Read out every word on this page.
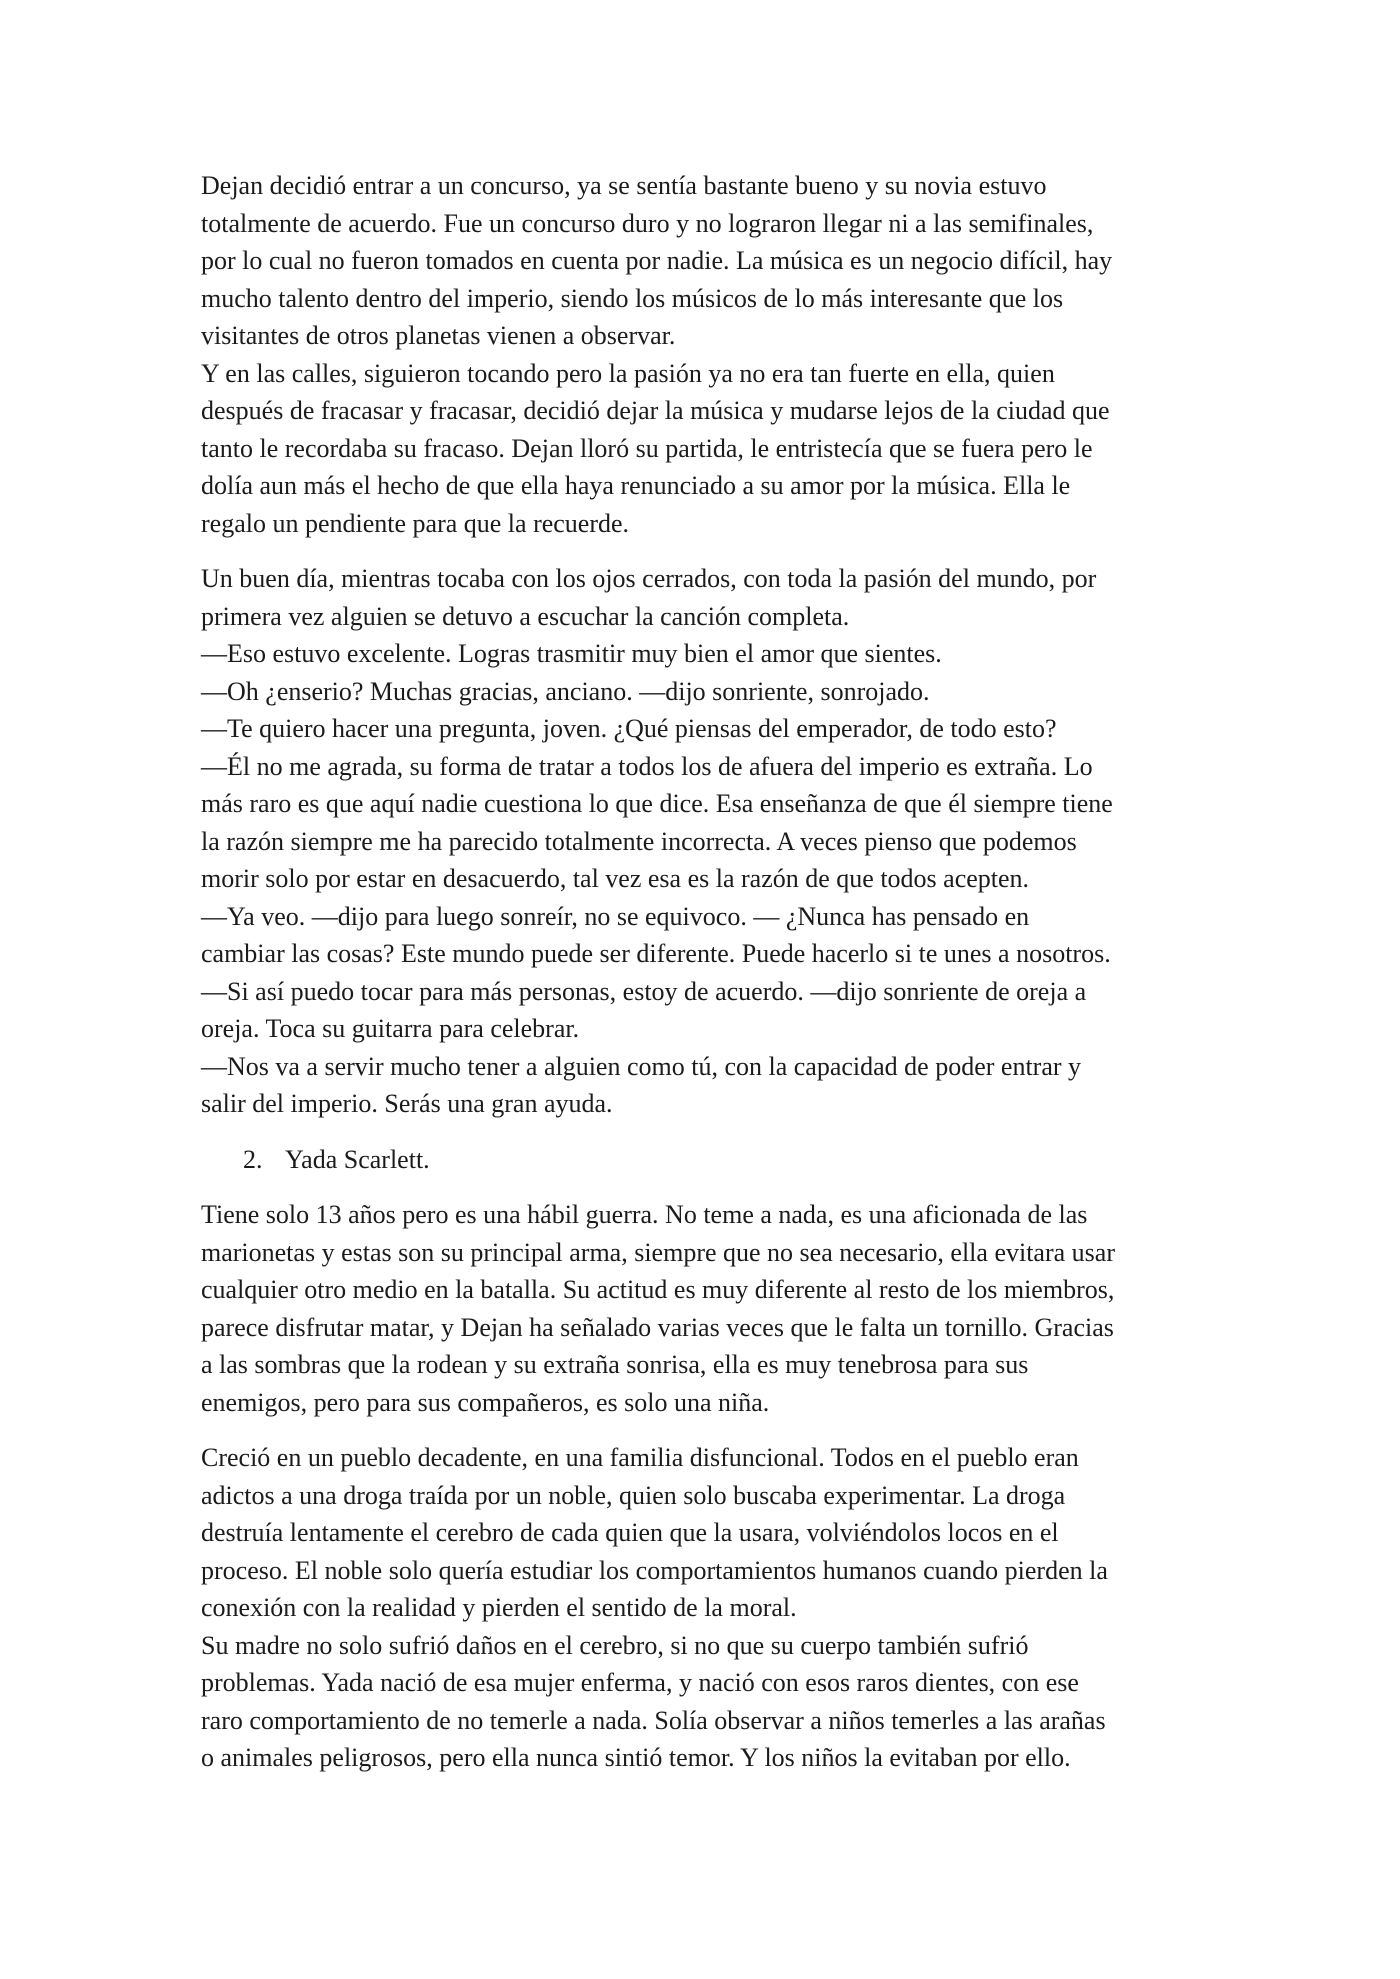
Dejan decidió entrar a un concurso, ya se sentía bastante bueno y su novia estuvo
totalmente de acuerdo. Fue un concurso duro y no lograron llegar ni a las semifinales,
por lo cual no fueron tomados en cuenta por nadie. La música es un negocio difícil, hay
mucho talento dentro del imperio, siendo los músicos de lo más interesante que los
visitantes de otros planetas vienen a observar.
Y en las calles, siguieron tocando pero la pasión ya no era tan fuerte en ella, quien
después de fracasar y fracasar, decidió dejar la música y mudarse lejos de la ciudad que
tanto le recordaba su fracaso. Dejan lloró su partida, le entristecía que se fuera pero le
dolía aun más el hecho de que ella haya renunciado a su amor por la música. Ella le
regalo un pendiente para que la recuerde.
Un buen día, mientras tocaba con los ojos cerrados, con toda la pasión del mundo, por
primera vez alguien se detuvo a escuchar la canción completa.
—Eso estuvo excelente. Logras trasmitir muy bien el amor que sientes.
—Oh ¿enserio? Muchas gracias, anciano. —dijo sonriente, sonrojado.
—Te quiero hacer una pregunta, joven. ¿Qué piensas del emperador, de todo esto?
—Él no me agrada, su forma de tratar a todos los de afuera del imperio es extraña. Lo
más raro es que aquí nadie cuestiona lo que dice. Esa enseñanza de que él siempre tiene
la razón siempre me ha parecido totalmente incorrecta. A veces pienso que podemos
morir solo por estar en desacuerdo, tal vez esa es la razón de que todos acepten.
—Ya veo. —dijo para luego sonreír, no se equivoco. — ¿Nunca has pensado en
cambiar las cosas? Este mundo puede ser diferente. Puede hacerlo si te unes a nosotros.
—Si así puedo tocar para más personas, estoy de acuerdo. —dijo sonriente de oreja a
oreja. Toca su guitarra para celebrar.
—Nos va a servir mucho tener a alguien como tú, con la capacidad de poder entrar y
salir del imperio. Serás una gran ayuda.
2. Yada Scarlett.
Tiene solo 13 años pero es una hábil guerra. No teme a nada, es una aficionada de las
marionetas y estas son su principal arma, siempre que no sea necesario, ella evitara usar
cualquier otro medio en la batalla. Su actitud es muy diferente al resto de los miembros,
parece disfrutar matar, y Dejan ha señalado varias veces que le falta un tornillo. Gracias
a las sombras que la rodean y su extraña sonrisa, ella es muy tenebrosa para sus
enemigos, pero para sus compañeros, es solo una niña.
Creció en un pueblo decadente, en una familia disfuncional. Todos en el pueblo eran
adictos a una droga traída por un noble, quien solo buscaba experimentar. La droga
destruía lentamente el cerebro de cada quien que la usara, volviéndolos locos en el
proceso. El noble solo quería estudiar los comportamientos humanos cuando pierden la
conexión con la realidad y pierden el sentido de la moral.
Su madre no solo sufrió daños en el cerebro, si no que su cuerpo también sufrió
problemas. Yada nació de esa mujer enferma, y nació con esos raros dientes, con ese
raro comportamiento de no temerle a nada. Solía observar a niños temerles a las arañas
o animales peligrosos, pero ella nunca sintió temor. Y los niños la evitaban por ello.
